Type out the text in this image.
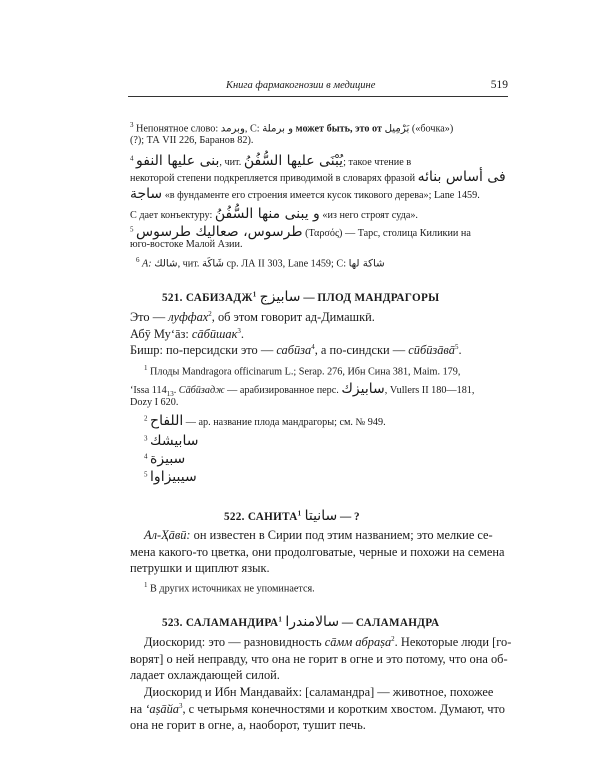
Книга фармакогнозии в медицине	519
$^3$ Непонятное слово: وبرمد, C: و برملة может быть, это от بَرْمِيل («бочка»)
(?); ТА VII 226, Баранов 82).
$^4$ بنى عليها النفو, чит. يُبْنَى عليها السُّفُنُ; такое чтение в
некоторой степени подкрепляется приводимой в словарях фразой فى أساس بنائه
ساجة «в фундаменте его строения имеется кусок тикового дерева»; Lane 1459.
C дает конъектуру: و يبنى منها السُّفُنُ «из него строят суда».
$^5$ طرسوس، صعاليك طرسوس (Ταρσός) — Тарс, столица Киликии на
юго-востоке Малой Азии.
$^6$ A: شالك, чит. شَاكَة ср. ЛА II 303, Lane 1459; C: شاكة لها
521. САБИЗАДЖ$^1$ سابيزج — ПЛОД МАНДРАГОРЫ
Это — луффах$^2$, об этом говорит ад-Димашкӣ.
Абӯ Му‘āз: сāбӣшак$^3$.
Бишр: по-персидски это — сабӣза$^4$, а по-синдски — сӣбӣзāвā$^5$.
$^1$ Плоды Mandragora officinarum L.; Serap. 276, Ибн Сина 381, Maim. 179,
‘Issa $114_{13}$. Сāбӣзадж — арабизированное перс. سابيزك, Vullers II 180—181,
Dozy I 620.
$^2$ اللفاح — ар. название плода мандрагоры; см. № 949.
$^3$ سابيشك
$^4$ سبيزة
$^5$ سيبيزاوا
522. САНИТА$^1$ سانيتا — ?
Ал-Ҳāвӣ: он известен в Сирии под этим названием; это мелкие се-
мена какого-то цветка, они продолговатые, черные и похожи на семена
петрушки и щиплют язык.
$^1$ В других источниках не упоминается.
523. САЛАМАНДИРА$^1$ سالامندرا — САЛАМАНДРА
Диоскорид: это — разновидность сāмм абраṣа$^2$. Некоторые люди [го-
ворят] о ней неправду, что она не горит в огне и это потому, что она об-
ладает охлаждающей силой.
Диоскорид и Ибн Мандавайх: [саламандра] — животное, похожее
на ‘аṣāйа$^3$, с четырьмя конечностями и коротким хвостом. Думают, что
она не горит в огне, а, наоборот, тушит печь.
